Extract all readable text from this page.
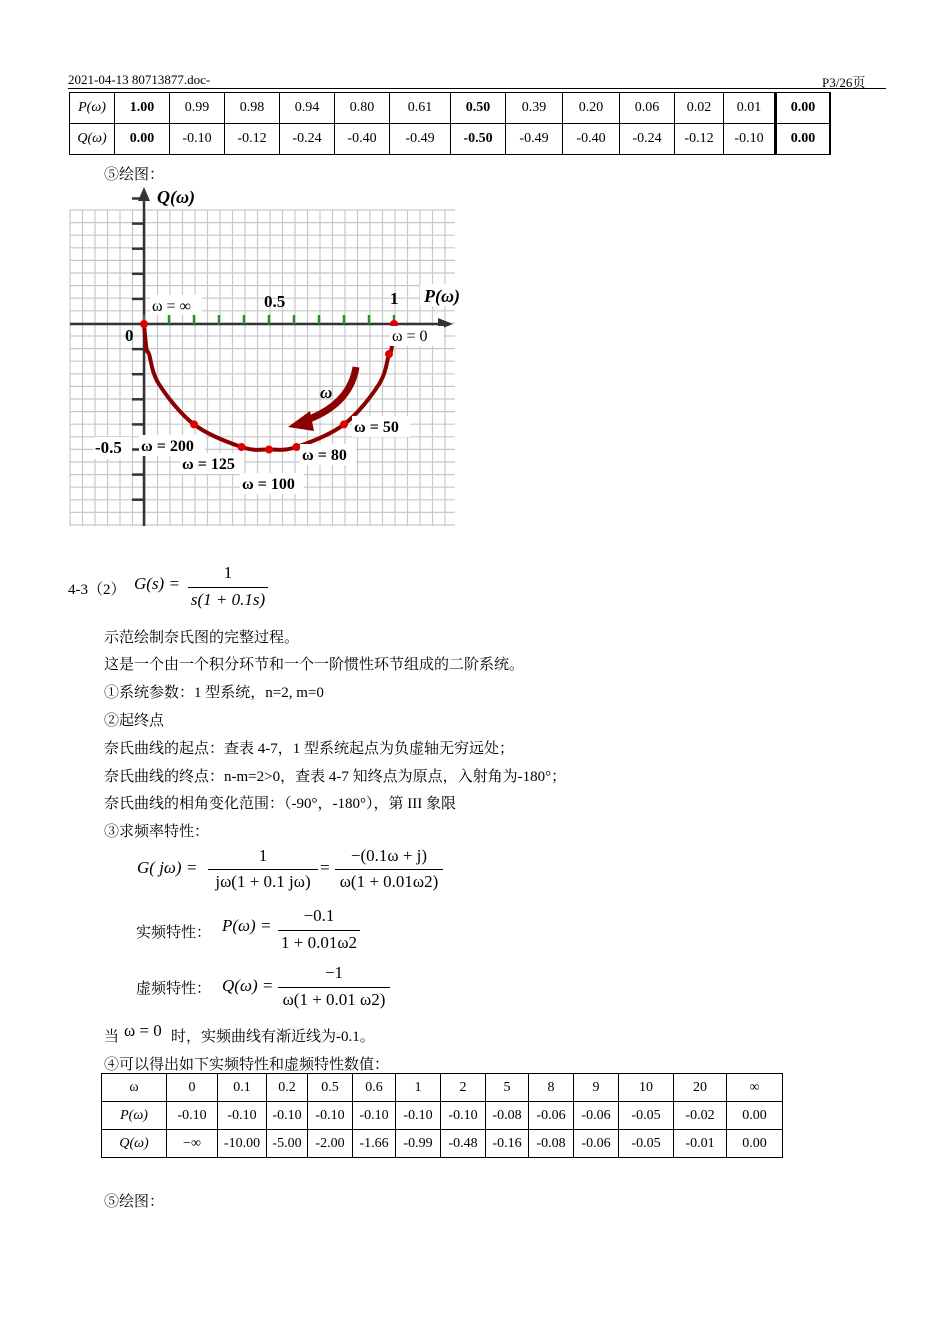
2021-04-13 80713877.doc-	P3/26页
P(ω)	1.00	0.99	0.98	0.94	0.80	0.61	0.50	0.39	0.20	0.06	0.02	0.01	0.00
Q(ω)	0.00	-0.10	-0.12	-0.24	-0.40	-0.49	-0.50	-0.49	-0.40	-0.24	-0.12	-0.10	0.00
⑤绘图：
Q(ω)
P(ω)
0.5	1
0
-0.5
ω
ω = ∞
ω = 0
ω = 50
ω = 80
ω = 100
ω = 125
ω = 200
4-3（2） G(s) =
1
s(1 + 0.1s)
示范绘制奈氏图的完整过程。
这是一个由一个积分环节和一个一阶惯性环节组成的二阶系统。
①系统参数：1 型系统，n=2, m=0
②起终点
奈氏曲线的起点：查表 4-7，1 型系统起点为负虚轴无穷远处；
奈氏曲线的终点：n-m=2>0，查表 4-7 知终点为原点，入射角为-180°；
奈氏曲线的相角变化范围：（-90°，-180°），第 III 象限
③求频率特性：
G( jω) =
1
jω(1 + 0.1 jω)
=
−(0.1ω + j)
ω(1 + 0.01ω2)
实频特性： P(ω) =
−0.1
1 + 0.01ω2
虚频特性： Q(ω) =
−1
ω(1 + 0.01 ω2)
当 ω = 0 时，实频曲线有渐近线为-0.1。
④可以得出如下实频特性和虚频特性数值：
ω	0	0.1	0.2	0.5	0.6	1	2	5	8	9	10	20	∞
P(ω)	-0.10	-0.10	-0.10	-0.10	-0.10	-0.10	-0.10	-0.08	-0.06	-0.06	-0.05	-0.02	0.00
Q(ω)	−∞	-10.00	-5.00	-2.00	-1.66	-0.99	-0.48	-0.16	-0.08	-0.06	-0.05	-0.01	0.00
⑤绘图：
